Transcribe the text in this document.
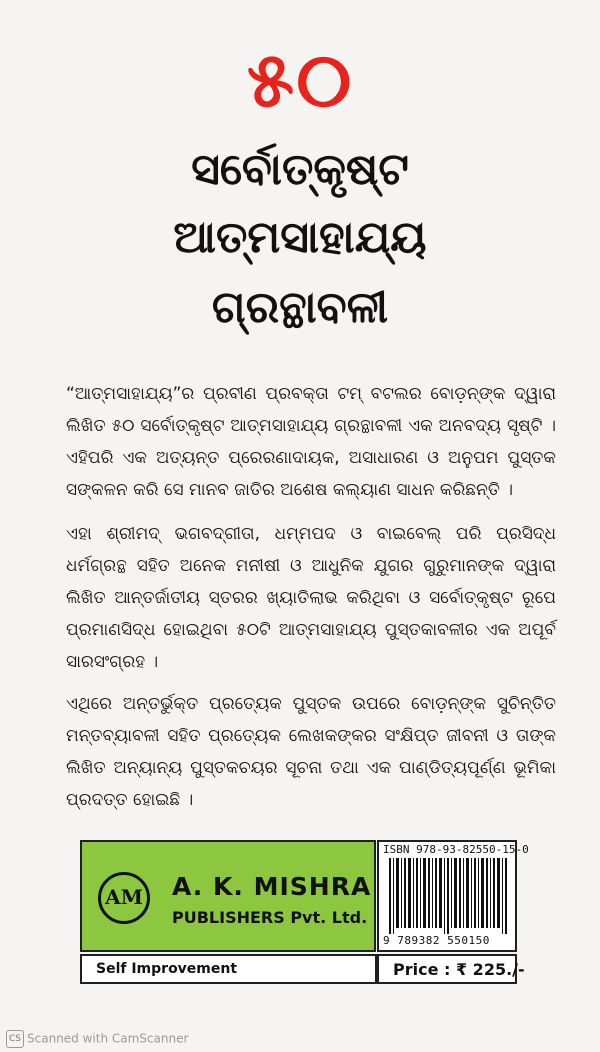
୫୦
ସର୍ବୋତ୍କୃଷ୍ଟ
ଆତ୍ମସାହାଯ୍ୟ
ଗ୍ରନ୍ଥାବଳୀ

“ଆତ୍ମସାହାଯ୍ୟ”ର ପ୍ରବୀଣ ପ୍ରବକ୍ତା ଟମ୍ ବଟଲର ବୋଡ଼ନ୍‌ଙ୍କ ଦ୍ୱାରା ଲିଖିତ ୫୦ ସର୍ବୋତ୍କୃଷ୍ଟ ଆତ୍ମସାହାଯ୍ୟ ଗ୍ରନ୍ଥାବଳୀ ଏକ ଅନବଦ୍ୟ ସୃଷ୍ଟି । ଏହିପରି ଏକ ଅତ୍ୟନ୍ତ ପ୍ରେରଣାଦାୟକ, ଅସାଧାରଣ ଓ ଅନୁପମ ପୁସ୍ତକ ସଙ୍କଳନ କରି ସେ ମାନବ ଜାତିର ଅଶେଷ କଲ୍ୟାଣ ସାଧନ କରିଛନ୍ତି ।

ଏହା ଶ୍ରୀମଦ୍ ଭଗବଦ୍‌ଗୀତା, ଧମ୍ମପଦ ଓ ବାଇବେଲ୍ ପରି ପ୍ରସିଦ୍ଧ ଧର୍ମଗ୍ରନ୍ଥ ସହିତ ଅନେକ ମନୀଷୀ ଓ ଆଧୁନିକ ଯୁଗର ଗୁରୁମାନଙ୍କ ଦ୍ୱାରା ଲିଖିତ ଆନ୍ତର୍ଜାତୀୟ ସ୍ତରର ଖ୍ୟାତିଲାଭ କରିଥିବା ଓ ସର୍ବୋତ୍କୃଷ୍ଟ ରୂପେ ପ୍ରମାଣସିଦ୍ଧ ହୋଇଥିବା ୫୦ଟି ଆତ୍ମସାହାଯ୍ୟ ପୁସ୍ତକାବଳୀର ଏକ ଅପୂର୍ବ ସାରସଂଗ୍ରହ ।

ଏଥିରେ ଅନ୍ତର୍ଭୁକ୍ତ ପ୍ରତ୍ୟେକ ପୁସ୍ତକ ଉପରେ ବୋଡ଼ନ୍‌ଙ୍କ ସୁଚିନ୍ତିତ ମନ୍ତବ୍ୟାବଳୀ ସହିତ ପ୍ରତ୍ୟେକ ଲେଖକଙ୍କର ସଂକ୍ଷିପ୍ତ ଜୀବନୀ ଓ ତାଙ୍କ ଲିଖିତ ଅନ୍ୟାନ୍ୟ ପୁସ୍ତକଚୟର ସୂଚନା ତଥା ଏକ ପାଣ୍ଡିତ୍ୟପୂର୍ଣ୍ଣ ଭୂମିକା ପ୍ରଦତ୍ତ ହୋଇଛି ।

AM A. K. MISHRA
PUBLISHERS Pvt. Ltd.
ISBN 978-93-82550-15-0
9 789382 550150
Self Improvement	Price : ₹ 225./-
CS Scanned with CamScanner
